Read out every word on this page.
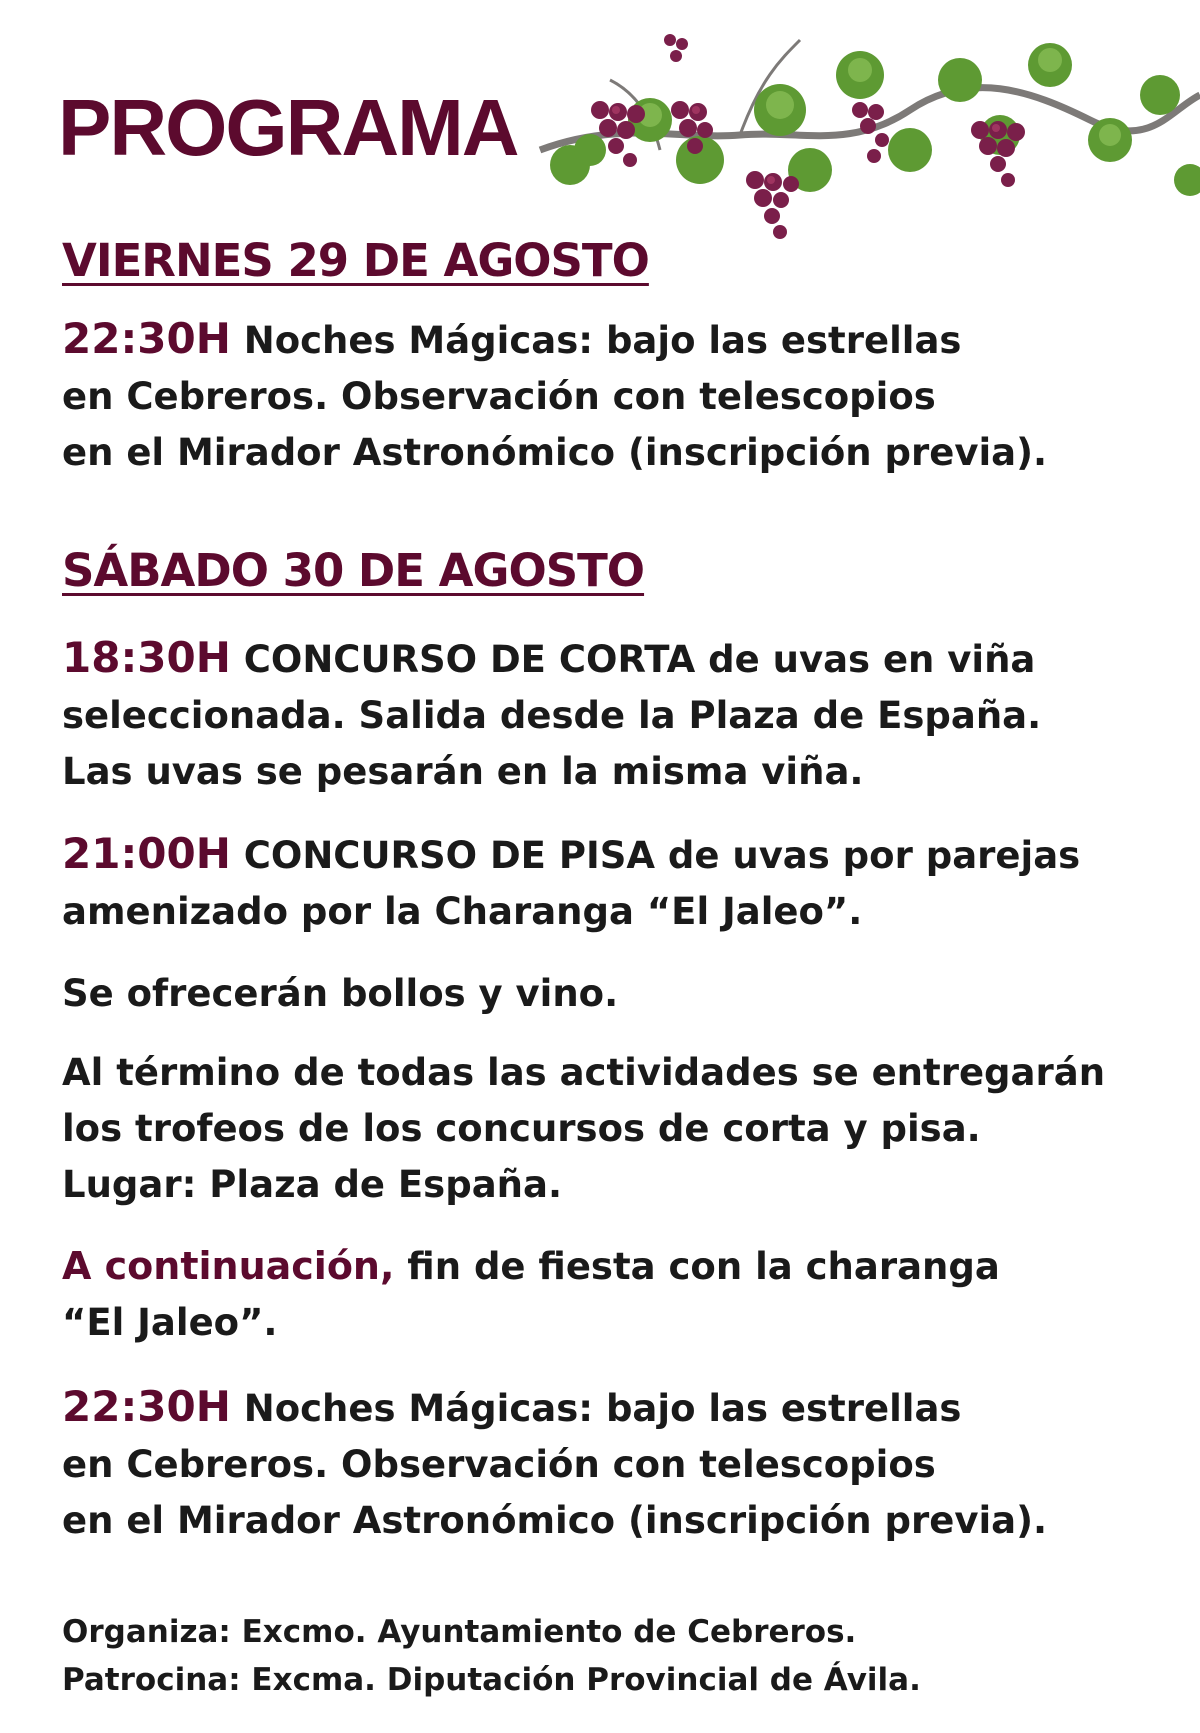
PROGRAMA
VIERNES 29 DE AGOSTO

22:30H Noches Mágicas: bajo las estrellas
en Cebreros. Observación con telescopios
en el Mirador Astronómico (inscripción previa).

SÁBADO 30 DE AGOSTO

18:30H CONCURSO DE CORTA de uvas en viña
seleccionada. Salida desde la Plaza de España.
Las uvas se pesarán en la misma viña.

21:00H CONCURSO DE PISA de uvas por parejas
amenizado por la Charanga “El Jaleo”.

Se ofrecerán bollos y vino.

Al término de todas las actividades se entregarán
los trofeos de los concursos de corta y pisa.
Lugar: Plaza de España.

A continuación, fin de fiesta con la charanga
“El Jaleo”.

22:30H Noches Mágicas: bajo las estrellas
en Cebreros. Observación con telescopios
en el Mirador Astronómico (inscripción previa).

Organiza: Excmo. Ayuntamiento de Cebreros.

Patrocina: Excma. Diputación Provincial de Ávila.
